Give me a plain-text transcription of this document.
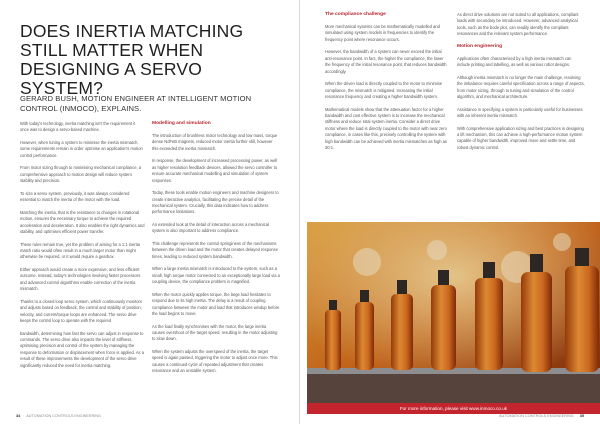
DOES INERTIA MATCHING STILL MATTER WHEN DESIGNING A SERVO SYSTEM?
GERARD BUSH, MOTION ENGINEER AT INTELLIGENT MOTION CONTROL (INMOCO), EXPLAINS.

With today's technology, inertia matching isn't the requirement it once was to design a servo-based machine.

However, when tuning a system to minimise the inertia mismatch, some requirements remain in order optimise an application's motion control performance.

From motor sizing through to minimising mechanical compliance, a comprehensive approach to motion design will reduce system stability and precision.

To size a servo system, previously, it was always considered essential to match the inertia of the motor with the load.

Matching the inertia, that is the resistance to changes in rotational motion, ensures the necessary torque to achieve the required acceleration and deceleration. It also enables the right dynamics and stability, and optimises efficient power transfer.

These rules remain true, yet the problem of aiming for a 1:1 inertia match ratio would often result in a much larger motor than might otherwise be required, or it would require a gearbox.

Either approach would create a more expensive, and less efficient outcome. Instead, today's technologies involving faster processors and advanced control algorithms enable correction of the inertia mismatch.

Thanks to a closed loop servo system, which continuously monitors and adjusts based on feedback, the control and stability of position, velocity, and current/torque loops are enhanced. The servo drive keeps the control loop to operate with the required

bandwidth, determining how fast the servo can adjust in response to commands. The servo drive also impacts the level of stiffness, optimising precision and control of the system by managing the response to deformation or displacement when force is applied. As a result of these improvements the development of the servo drive significantly reduced the need for inertia matching.

Modelling and simulation

The introduction of brushless motor technology and low mass, torque dense NdFeB magnets, reduced motor inertia further still, however this exceeded the inertia mismatch.

In response, the development of increased processing power, as well as higher resolution feedback devices, allowed the servo controller to ensure accurate mechanical modelling and simulation of system responses.

Today, these tools enable motion engineers and machine designers to create interactive analytics, facilitating the precise detail of the mechanical system. Crucially, this data indicates how to address performance limitations.

An extended look at the detail of interaction across a mechanical system is also important to address compliance.

This challenge represents the control springiness of the mechanisms between the driven load and the motor that creates delayed response times, leading to reduced system bandwidth.

When a large inertia mismatch is introduced to the system, such as a small, high torque motor connected to an exceptionally large load via a coupling device, the compliance problem is magnified.

When the motor quickly applies torque, the large load hesitates to respond due to its high inertia. The delay is a result of coupling compliance between the motor and load that introduces windup before the load begins to move.

As the load finally synchronises with the motor, the large inertia causes overshoot of the target speed, resulting in the motor adjusting to slow down.

When the system adjusts the overspeed of the inertia, the target speed is again passed, triggering the motor to adjust once more. This causes a continued cycle of repeated adjustment that creates resonance and an unstable system.

34 AUTOMATION CONTROLS ENGINEERING
The compliance challenge

More mechanical systems can be mathematically modelled and simulated using system models in frequencies to identify the frequency point where resonance occurs.

However, the bandwidth of a system can never exceed the initial anti-resonance point. In fact, the higher the compliance, the lower the frequency of the initial resonance point, that reduces bandwidth accordingly.

When the driven load is directly coupled to the motor to minimise compliance, the mismatch is mitigated. Increasing the initial resonance frequency and creating a higher bandwidth system.

Mathematical models show that the attenuation factor for a higher bandwidth and cost effective system is to increase the mechanical stiffness and reduce total system inertia. Consider a direct drive motor where the load is directly coupled to the motor with near zero compliance, in cases like this, precisely controlling the system with high bandwidth can be achieved with inertia mismatches as high as 30:1.

As direct drive solutions are not suited to all applications, compliant loads with secondary be introduced. However, advanced analytical tools, such as the bode plot, can readily identify the compliant resonances and the relevant system performance.

Motion engineering

Applications often characterised by a high inertia mismatch can include printing and labelling, as well as various robot designs.

Although inertia mismatch is no longer the main challenge, resolving the imbalance requires careful specification across a range of aspects, from motor sizing, through to tuning and simulation of the control algorithm, and mechanical architecture.

Assistance in specifying a system is particularly useful for businesses with an inherent inertia mismatch.

With comprehensive application sizing and best practices in designing a lift mechanism, this can achieve a high-performance motion system capable of higher bandwidth, improved move and settle time, and robust dynamic control.

For more information, please visit www.inmoco.co.uk
AUTOMATION CONTROLS ENGINEERING 35
